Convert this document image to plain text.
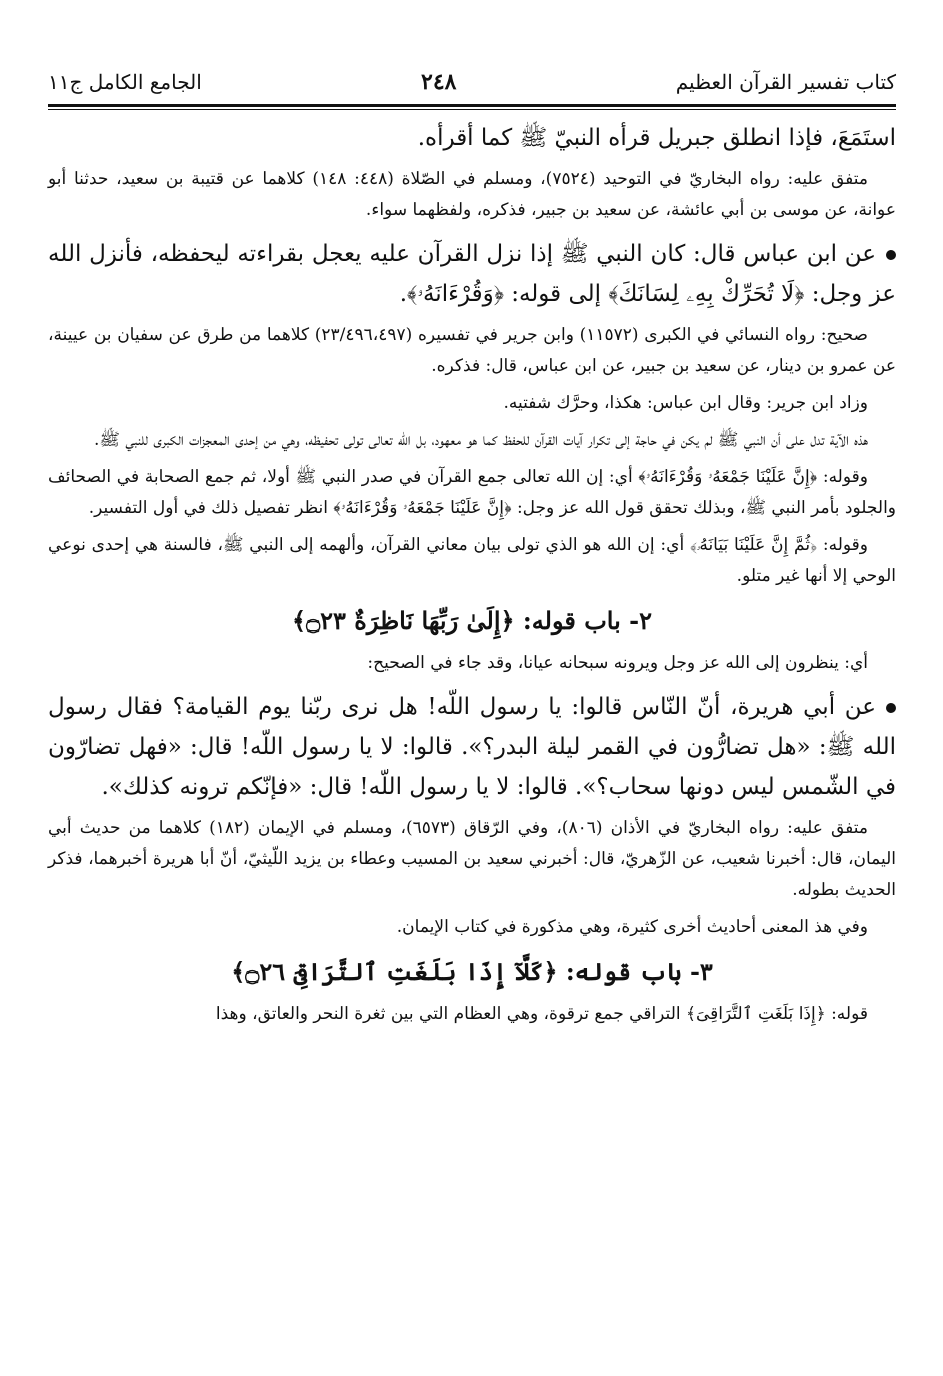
كتاب تفسير القرآن العظيم
٢٤٨
الجامع الكامل ج١١

استَمَعَ، فإذا انطلق جبريل قرأه النبيّ ﷺ كما أقرأه.

متفق عليه: رواه البخاريّ في التوحيد (٧٥٢٤)، ومسلم في الصّلاة (٤٤٨: ١٤٨) كلاهما عن قتيبة بن سعيد، حدثنا أبو عوانة، عن موسى بن أبي عائشة، عن سعيد بن جبير، فذكره، ولفظهما سواء.

عن ابن عباس قال: كان النبي ﷺ إذا نزل القرآن عليه يعجل بقراءته ليحفظه، فأنزل الله عز وجل: ﴿لَا تُحَرِّكْ بِهِۦ لِسَانَكَ﴾ إلى قوله: ﴿وَقُرْءَانَهُۥ﴾.

صحيح: رواه النسائي في الكبرى (١١٥٧٢) وابن جرير في تفسيره (٢٣/٤٩٦،٤٩٧) كلاهما من طرق عن سفيان بن عيينة، عن عمرو بن دينار، عن سعيد بن جبير، عن ابن عباس، قال: فذكره.

وزاد ابن جرير: وقال ابن عباس: هكذا، وحرَّك شفتيه.

هذه الآية تدل على أن النبي ﷺ لم يكن في حاجة إلى تكرار آيات القرآن للحفظ كما هو معهود، بل الله تعالى تولى تحفيظه، وهي من إحدى المعجزات الكبرى للنبي ﷺ.

وقوله: ﴿إِنَّ عَلَيْنَا جَمْعَهُۥ وَقُرْءَانَهُۥ﴾ أي: إن الله تعالى جمع القرآن في صدر النبي ﷺ أولا، ثم جمع الصحابة في الصحائف والجلود بأمر النبي ﷺ، وبذلك تحقق قول الله عز وجل: ﴿إِنَّ عَلَيْنَا جَمْعَهُۥ وَقُرْءَانَهُۥ﴾ انظر تفصيل ذلك في أول التفسير.

وقوله: ﴿ثُمَّ إِنَّ عَلَيْنَا بَيَانَهُۥ﴾ أي: إن الله هو الذي تولى بيان معاني القرآن، وألهمه إلى النبي ﷺ، فالسنة هي إحدى نوعي الوحي إلا أنها غير متلو.

٢- باب قوله: ﴿إِلَىٰ رَبِّهَا نَاظِرَةٌ ۝٢٣﴾

أي: ينظرون إلى الله عز وجل ويرونه سبحانه عيانا، وقد جاء في الصحيح:

عن أبي هريرة، أنّ النّاس قالوا: يا رسول اللّه! هل نرى ربّنا يوم القيامة؟ فقال رسول الله ﷺ: «هل تضارُّون في القمر ليلة البدر؟». قالوا: لا يا رسول اللّه! قال: «فهل تضارّون في الشّمس ليس دونها سحاب؟». قالوا: لا يا رسول اللّه! قال: «فإنّكم ترونه كذلك».

متفق عليه: رواه البخاريّ في الأذان (٨٠٦)، وفي الرّقاق (٦٥٧٣)، ومسلم في الإيمان (١٨٢) كلاهما من حديث أبي اليمان، قال: أخبرنا شعيب، عن الزّهريّ، قال: أخبرني سعيد بن المسيب وعطاء بن يزيد اللّيثيّ، أنّ أبا هريرة أخبرهما، فذكر الحديث بطوله.

وفي هذ المعنى أحاديث أخرى كثيرة، وهي مذكورة في كتاب الإيمان.

٣- باب قوله: ﴿كَلَّآ إِذَا بَلَغَتِ ٱلتَّرَاقِىَ ۝٢٦﴾

قوله: ﴿إِذَا بَلَغَتِ ٱلتَّرَاقِىَ﴾ التراقي جمع ترقوة، وهي العظام التي بين ثغرة النحر والعاتق، وهذا
